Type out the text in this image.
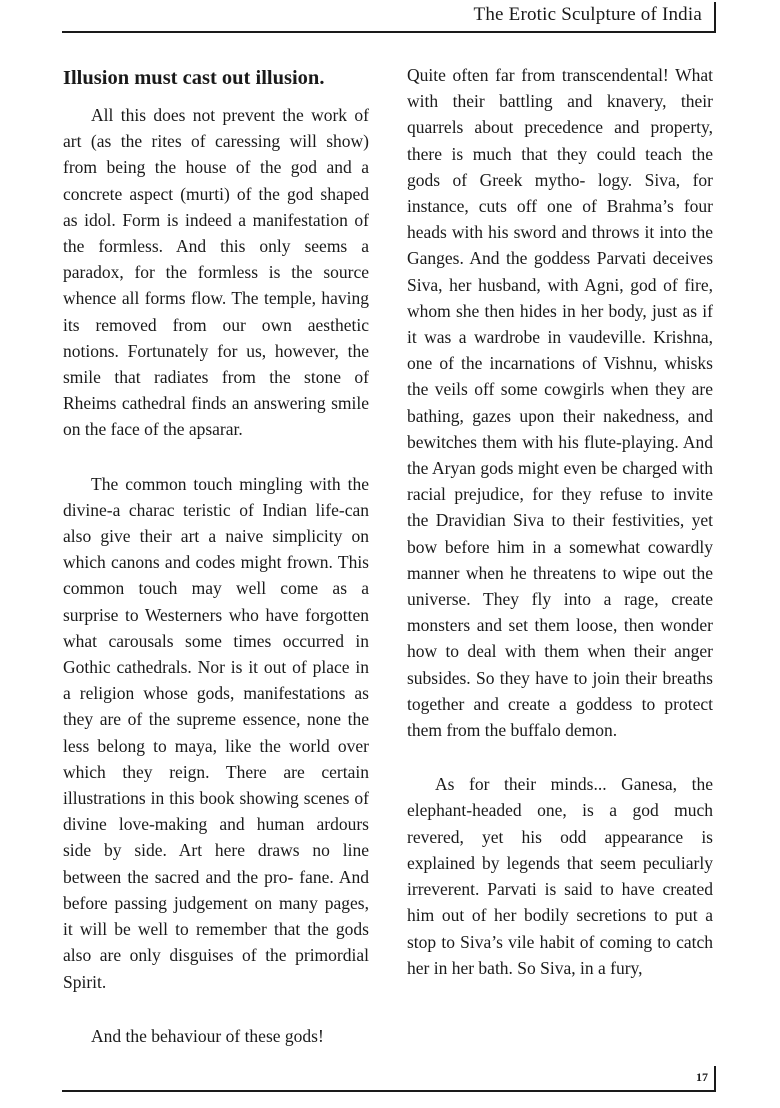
The Erotic Sculpture of India
Illusion must cast out illusion.

All this does not prevent the work of art (as the rites of caressing will show) from being the house of the god and a concrete aspect (murti) of the god shaped as idol. Form is indeed a manifestation of the formless. And this only seems a paradox, for the formless is the source whence all forms flow. The temple, having its removed from our own aesthetic notions. Fortunately for us, however, the smile that radiates from the stone of Rheims cathedral finds an answering smile on the face of the apsarar.

The common touch mingling with the divine-a charac teristic of Indian life-can also give their art a naive simplicity on which canons and codes might frown. This common touch may well come as a surprise to Westerners who have forgotten what carousals some times occurred in Gothic cathedrals. Nor is it out of place in a religion whose gods, manifestations as they are of the supreme essence, none the less belong to maya, like the world over which they reign. There are certain illustrations in this book showing scenes of divine love-making and human ardours side by side. Art here draws no line between the sacred and the pro- fane. And before passing judgement on many pages, it will be well to remember that the gods also are only disguises of the primordial Spirit.

And the behaviour of these gods!

Quite often far from transcendental! What with their battling and knavery, their quarrels about precedence and property, there is much that they could teach the gods of Greek mytho- logy. Siva, for instance, cuts off one of Brahma’s four heads with his sword and throws it into the Ganges. And the goddess Parvati deceives Siva, her husband, with Agni, god of fire, whom she then hides in her body, just as if it was a wardrobe in vaudeville. Krishna, one of the incarnations of Vishnu, whisks the veils off some cowgirls when they are bathing, gazes upon their nakedness, and bewitches them with his flute-playing. And the Aryan gods might even be charged with racial prejudice, for they refuse to invite the Dravidian Siva to their festivities, yet bow before him in a somewhat cowardly manner when he threatens to wipe out the universe. They fly into a rage, create monsters and set them loose, then wonder how to deal with them when their anger subsides. So they have to join their breaths together and create a goddess to protect them from the buffalo demon.

As for their minds... Ganesa, the elephant-headed one, is a god much revered, yet his odd appearance is explained by legends that seem peculiarly irreverent. Parvati is said to have created him out of her bodily secretions to put a stop to Siva’s vile habit of coming to catch her in her bath. So Siva, in a fury,

17
